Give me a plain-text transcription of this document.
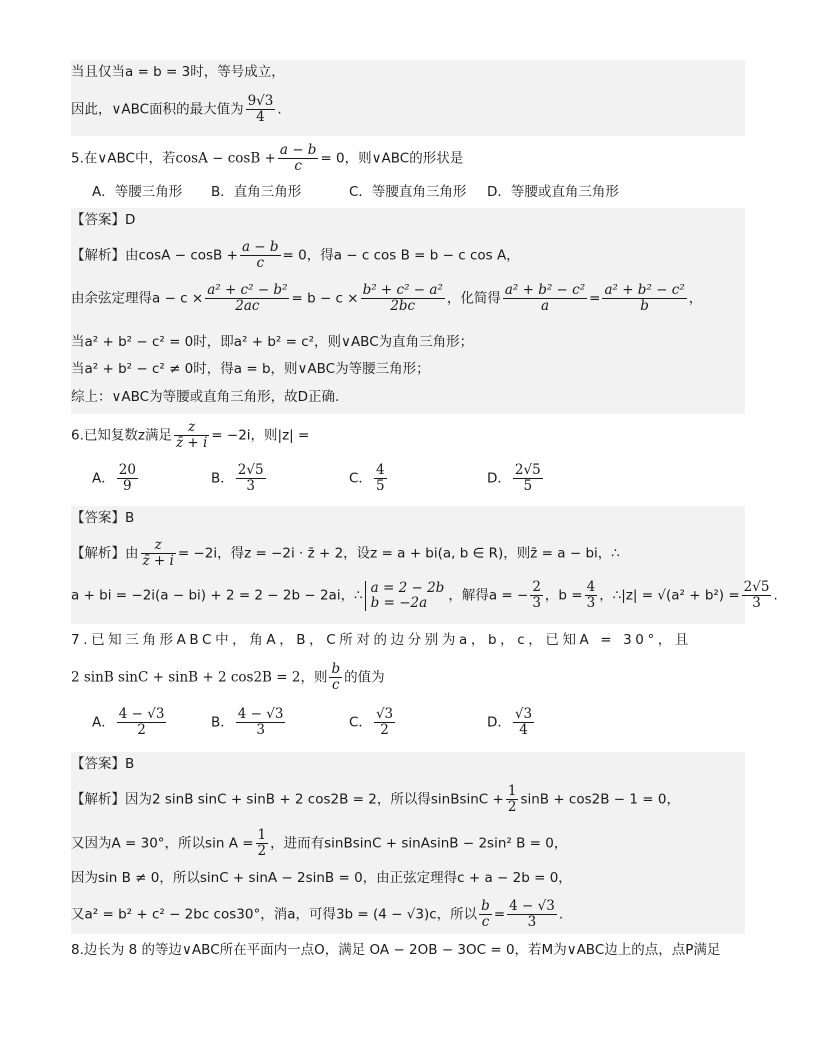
当且仅当a = b = 3时，等号成立，
因此，∨ABC面积的最大值为 $\frac{9√3}{4}$ .
5.在∨ABC中，若$\cos A - \cos B + \frac{a - b}{c} = 0$，则∨ABC的形状是
A．等腰三角形 B．直角三角形	C．等腰直角三角形 D．等腰或直角三角形
【答案】D
【解析】由$\cos A - \cos B + \frac{a - b}{c} = 0$，得a − c cos B = b − c cos A，
由余弦定理得$a - c \times \frac{\text{a² + c² − b²}}{2ac} = b - c \times \frac{\text{b² + c² − a²}}{2bc}$ ，化简得 $\frac{\text{a² + b² − c²}}{a} = \frac{\text{a² + b² − c²}}{b}$ ，
当a² + b² − c² = 0时，即a² + b² = c²，则∨ABC为直角三角形；
当a² + b² − c² ≠ 0时，得a = b，则∨ABC为等腰三角形；
综上：∨ABC为等腰或直角三角形，故D正确.
6.已知复数z满足 $\frac{z}{z̄ + i} = -2i$，则|z| =
A． $\frac{20}{9}$	B． $\frac{2√5}{3}$	C． $\frac{4}{5}$	D． $\frac{2√5}{5}$
【答案】B
【解析】由 $\frac{z}{z̄ + i} = -2i$，得z = −2i · z̄ + 2，设z = a + bi(a, b ∈ R)，则z̄ = a − bi，∴
a + bi = −2i(a − bi) + 2 = 2 − 2b − 2ai，∴ a = 2 − 2b
b = −2a	，解得a = − $\frac{2}{3}$ ，$b = \frac{4}{3}$ ，∴|z| = $√(a^2 + b^2) = \frac{2√5}{3}$ .
7.已知三角形ABC中，角A，B，C所对的边分别为a，b，c，已知A = 30°，且
2 sinB sinC + sinB + 2 cos2B = 2，则 $\frac{b}{c}$ 的值为
A． $\frac{4 - √3}{2}$	B． $\frac{4 - √3}{3}$	C． $\frac{√3}{2}$	D． $\frac{√3}{4}$
【答案】B
【解析】因为2 sinB sinC + sinB + 2 cos2B = 2，所以得sinBsinC + $\frac{1}{2}$ sinB + cos2B − 1 = 0，
又因为A = 30°，所以$\sin A = \frac{1}{2}$ ，进而有sinBsinC + sinAsinB − 2sin² B = 0，
因为sin B ≠ 0，所以sinC + sinA − 2sinB = 0，由正弦定理得c + a − 2b = 0，
又a² = b² + c² − 2bc cos30°，消a，可得3b = (4 − √3)c，所以 $\frac{b}{c} = \frac{4 - √3}{3}$ .
8.边长为 8 的等边∨ABC所在平面内一点O，满足 OA − 2OB − 3OC = 0，若M为∨ABC边上的点，点P满足
